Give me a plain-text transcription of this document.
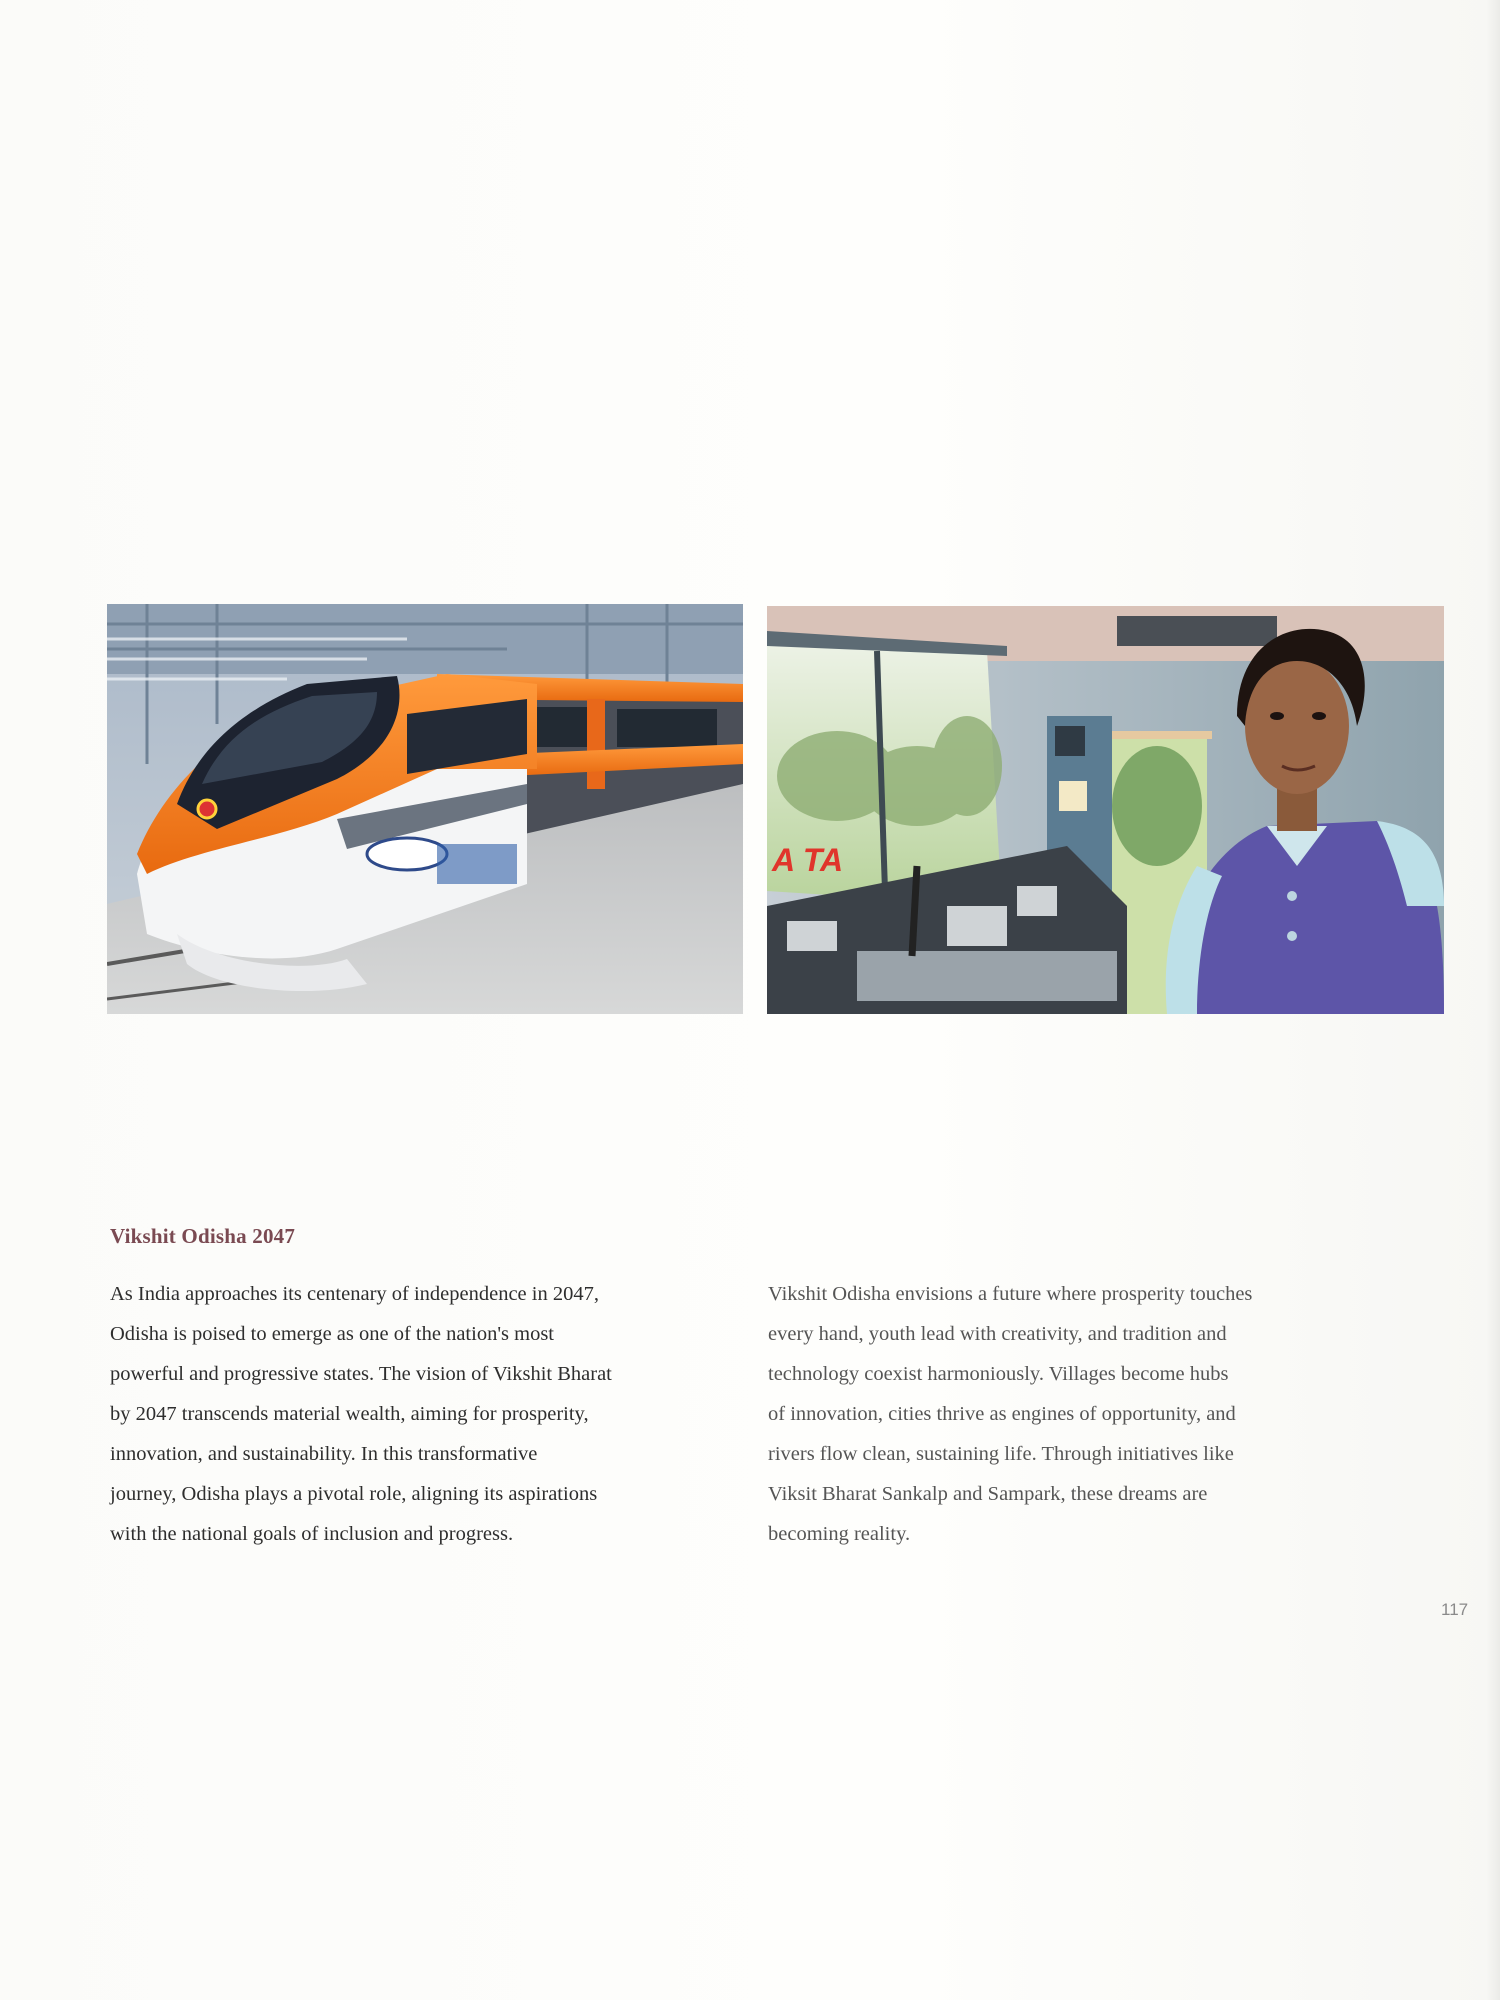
A TA
Vikshit Odisha 2047
As India approaches its centenary of independence in 2047,
Odisha is poised to emerge as one of the nation's most
powerful and progressive states. The vision of Vikshit Bharat
by 2047 transcends material wealth, aiming for prosperity,
innovation, and sustainability. In this transformative
journey, Odisha plays a pivotal role, aligning its aspirations
with the national goals of inclusion and progress.
Vikshit Odisha envisions a future where prosperity touches
every hand, youth lead with creativity, and tradition and
technology coexist harmoniously. Villages become hubs
of innovation, cities thrive as engines of opportunity, and
rivers flow clean, sustaining life. Through initiatives like
Viksit Bharat Sankalp and Sampark, these dreams are
becoming reality.
117
